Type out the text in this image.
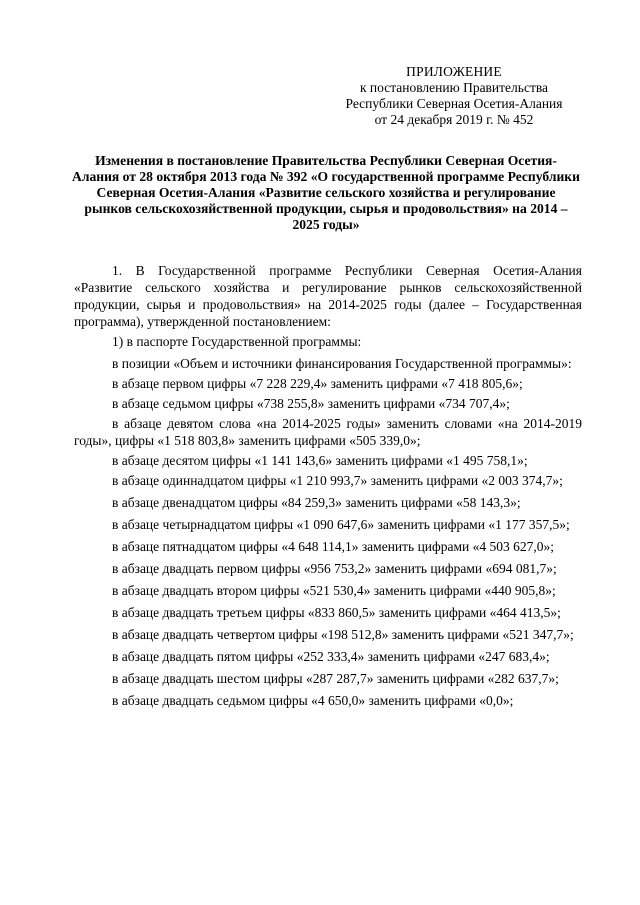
ПРИЛОЖЕНИЕ
к постановлению Правительства
Республики Северная Осетия-Алания
от 24 декабря 2019 г. № 452
Изменения в постановление Правительства Республики Северная Осетия-Алания от 28 октября 2013 года № 392 «О государственной программе Республики Северная Осетия-Алания «Развитие сельского хозяйства и регулирование рынков сельскохозяйственной продукции, сырья и продовольствия» на 2014 – 2025 годы»

1. В Государственной программе Республики Северная Осетия-Алания «Развитие сельского хозяйства и регулирование рынков сельскохозяйственной продукции, сырья и продовольствия» на 2014-2025 годы (далее – Государственная программа), утвержденной постановлением:

1) в паспорте Государственной программы:

в позиции «Объем и источники финансирования Государственной программы»:

в абзаце первом цифры «7 228 229,4» заменить цифрами «7 418 805,6»;

в абзаце седьмом цифры «738 255,8» заменить цифрами «734 707,4»;

в абзаце девятом слова «на 2014-2025 годы» заменить словами «на 2014-2019 годы», цифры «1 518 803,8» заменить цифрами «505 339,0»;

в абзаце десятом цифры «1 141 143,6» заменить цифрами «1 495 758,1»;

в абзаце одиннадцатом цифры «1 210 993,7» заменить цифрами «2 003 374,7»;

в абзаце двенадцатом цифры «84 259,3» заменить цифрами «58 143,3»;

в абзаце четырнадцатом цифры «1 090 647,6» заменить цифрами «1 177 357,5»;

в абзаце пятнадцатом цифры «4 648 114,1» заменить цифрами «4 503 627,0»;

в абзаце двадцать первом цифры «956 753,2» заменить цифрами «694 081,7»;

в абзаце двадцать втором цифры «521 530,4» заменить цифрами «440 905,8»;

в абзаце двадцать третьем цифры «833 860,5» заменить цифрами «464 413,5»;

в абзаце двадцать четвертом цифры «198 512,8» заменить цифрами «521 347,7»;

в абзаце двадцать пятом цифры «252 333,4» заменить цифрами «247 683,4»;

в абзаце двадцать шестом цифры «287 287,7» заменить цифрами «282 637,7»;

в абзаце двадцать седьмом цифры «4 650,0» заменить цифрами «0,0»;
